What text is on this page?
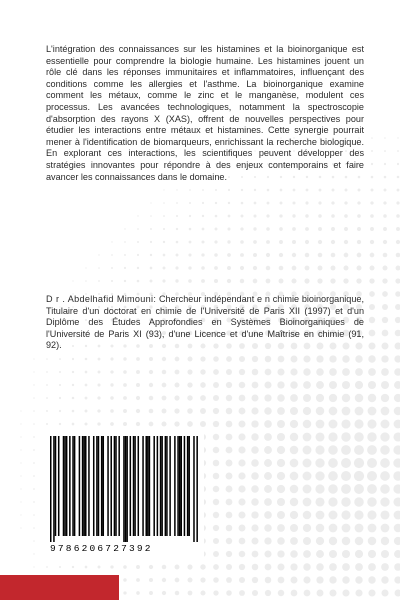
L'intégration des connaissances sur les histamines et la bioinorganique est essentielle pour comprendre la biologie humaine. Les histamines jouent un rôle clé dans les réponses immunitaires et inflammatoires, influençant des conditions comme les allergies et l'asthme. La bioinorganique examine comment les métaux, comme le zinc et le manganèse, modulent ces processus. Les avancées technologiques, notamment la spectroscopie d'absorption des rayons X (XAS), offrent de nouvelles perspectives pour étudier les interactions entre métaux et histamines. Cette synergie pourrait mener à l'identification de biomarqueurs, enrichissant la recherche biologique. En explorant ces interactions, les scientifiques peuvent développer des stratégies innovantes pour répondre à des enjeux contemporains et faire avancer les connaissances dans le domaine.

D r . Abdelhafid Mimouni: Chercheur indépendant e n chimie bioinorganique, Titulaire d'un doctorat en chimie de l'Université de Paris XII (1997) et d'un Diplôme des Études Approfondies en Systèmes Bioinorganiques de l'Université de Paris XI (93), d'une Licence et d'une Maîtrise en chimie (91, 92).

9786206727392
